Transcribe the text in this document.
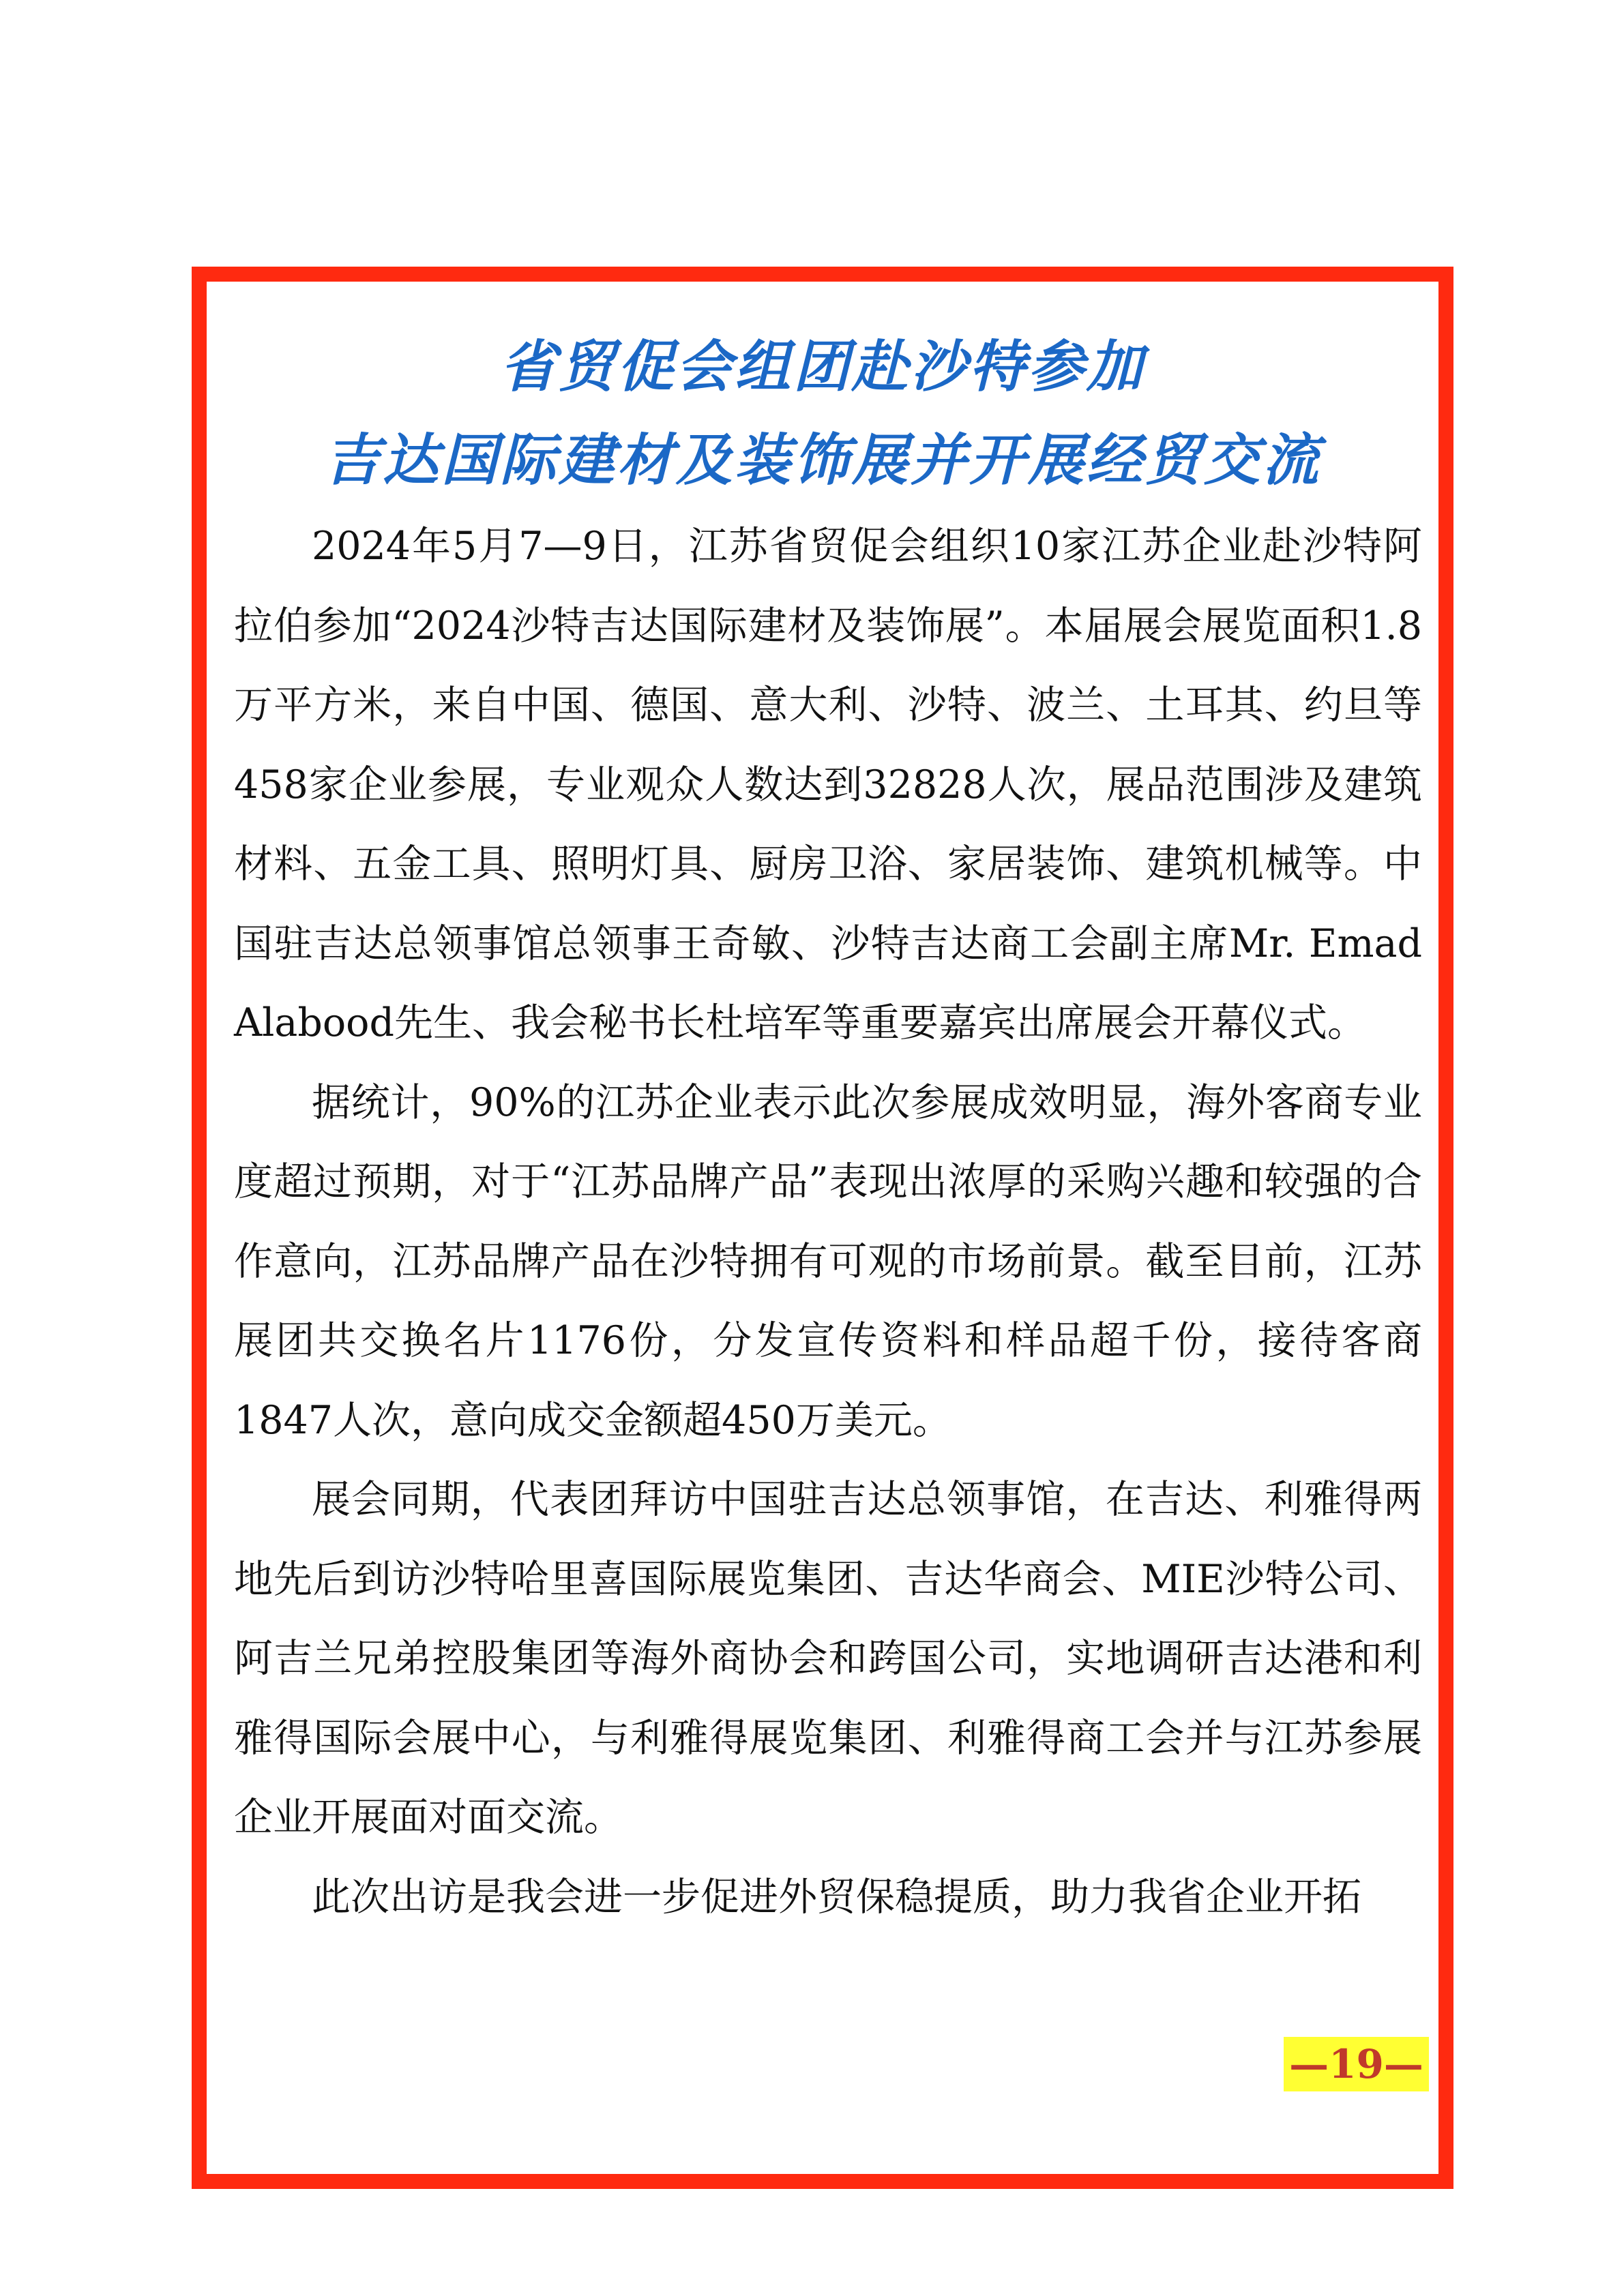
省贸促会组团赴沙特参加
吉达国际建材及装饰展并开展经贸交流

2024年5月7—9日，江苏省贸促会组织10家江苏企业赴沙特阿拉伯参加“2024沙特吉达国际建材及装饰展”。本届展会展览面积1.8万平方米，来自中国、德国、意大利、沙特、波兰、土耳其、约旦等458家企业参展，专业观众人数达到32828人次，展品范围涉及建筑材料、五金工具、照明灯具、厨房卫浴、家居装饰、建筑机械等。中国驻吉达总领事馆总领事王奇敏、沙特吉达商工会副主席Mr. Emad Alabood先生、我会秘书长杜培军等重要嘉宾出席展会开幕仪式。

据统计，90%的江苏企业表示此次参展成效明显，海外客商专业度超过预期，对于“江苏品牌产品”表现出浓厚的采购兴趣和较强的合作意向，江苏品牌产品在沙特拥有可观的市场前景。截至目前，江苏展团共交换名片1176份，分发宣传资料和样品超千份，接待客商1847人次，意向成交金额超450万美元。

展会同期，代表团拜访中国驻吉达总领事馆，在吉达、利雅得两地先后到访沙特哈里喜国际展览集团、吉达华商会、MIE沙特公司、阿吉兰兄弟控股集团等海外商协会和跨国公司，实地调研吉达港和利雅得国际会展中心，与利雅得展览集团、利雅得商工会并与江苏参展企业开展面对面交流。

此次出访是我会进一步促进外贸保稳提质，助力我省企业开拓

—19—
